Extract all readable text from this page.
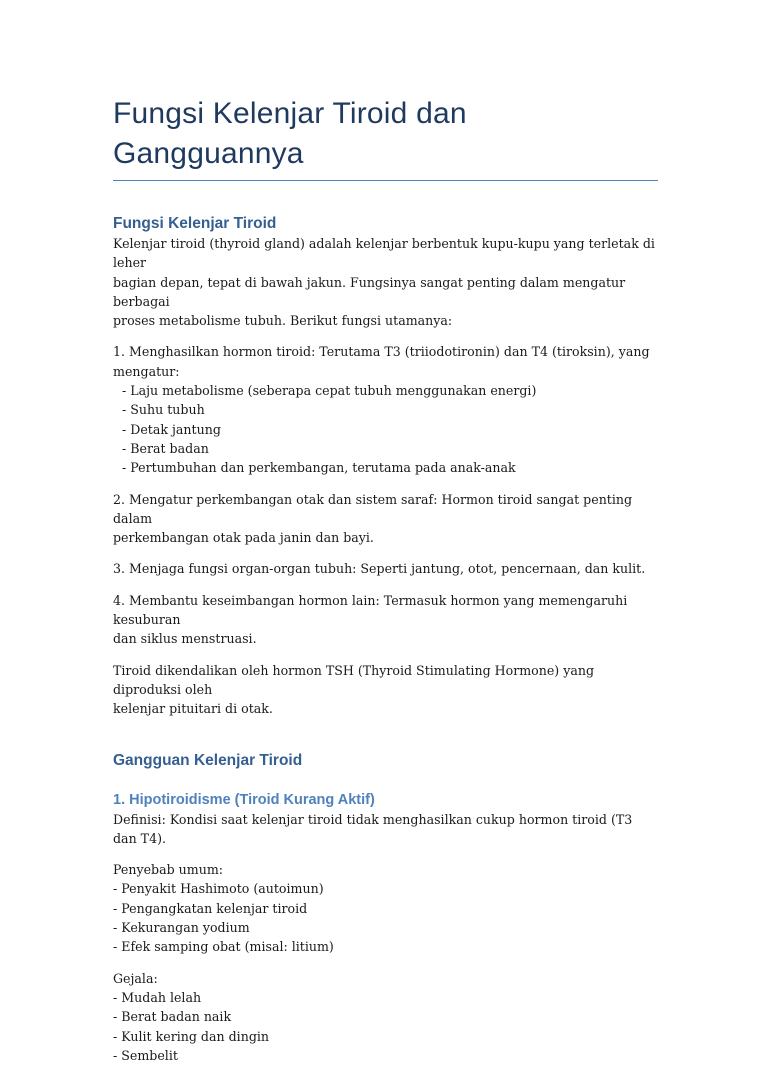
Fungsi Kelenjar Tiroid dan Gangguannya
Fungsi Kelenjar Tiroid
Kelenjar tiroid (thyroid gland) adalah kelenjar berbentuk kupu-kupu yang terletak di leher
bagian depan, tepat di bawah jakun. Fungsinya sangat penting dalam mengatur berbagai
proses metabolisme tubuh. Berikut fungsi utamanya:
1. Menghasilkan hormon tiroid: Terutama T3 (triiodotironin) dan T4 (tiroksin), yang
mengatur:
- Laju metabolisme (seberapa cepat tubuh menggunakan energi)
- Suhu tubuh
- Detak jantung
- Berat badan
- Pertumbuhan dan perkembangan, terutama pada anak-anak
2. Mengatur perkembangan otak dan sistem saraf: Hormon tiroid sangat penting dalam
perkembangan otak pada janin dan bayi.
3. Menjaga fungsi organ-organ tubuh: Seperti jantung, otot, pencernaan, dan kulit.
4. Membantu keseimbangan hormon lain: Termasuk hormon yang memengaruhi kesuburan
dan siklus menstruasi.
Tiroid dikendalikan oleh hormon TSH (Thyroid Stimulating Hormone) yang diproduksi oleh
kelenjar pituitari di otak.
Gangguan Kelenjar Tiroid
1. Hipotiroidisme (Tiroid Kurang Aktif)
Definisi: Kondisi saat kelenjar tiroid tidak menghasilkan cukup hormon tiroid (T3 dan T4).
Penyebab umum:
- Penyakit Hashimoto (autoimun)
- Pengangkatan kelenjar tiroid
- Kekurangan yodium
- Efek samping obat (misal: litium)
Gejala:
- Mudah lelah
- Berat badan naik
- Kulit kering dan dingin
- Sembelit
